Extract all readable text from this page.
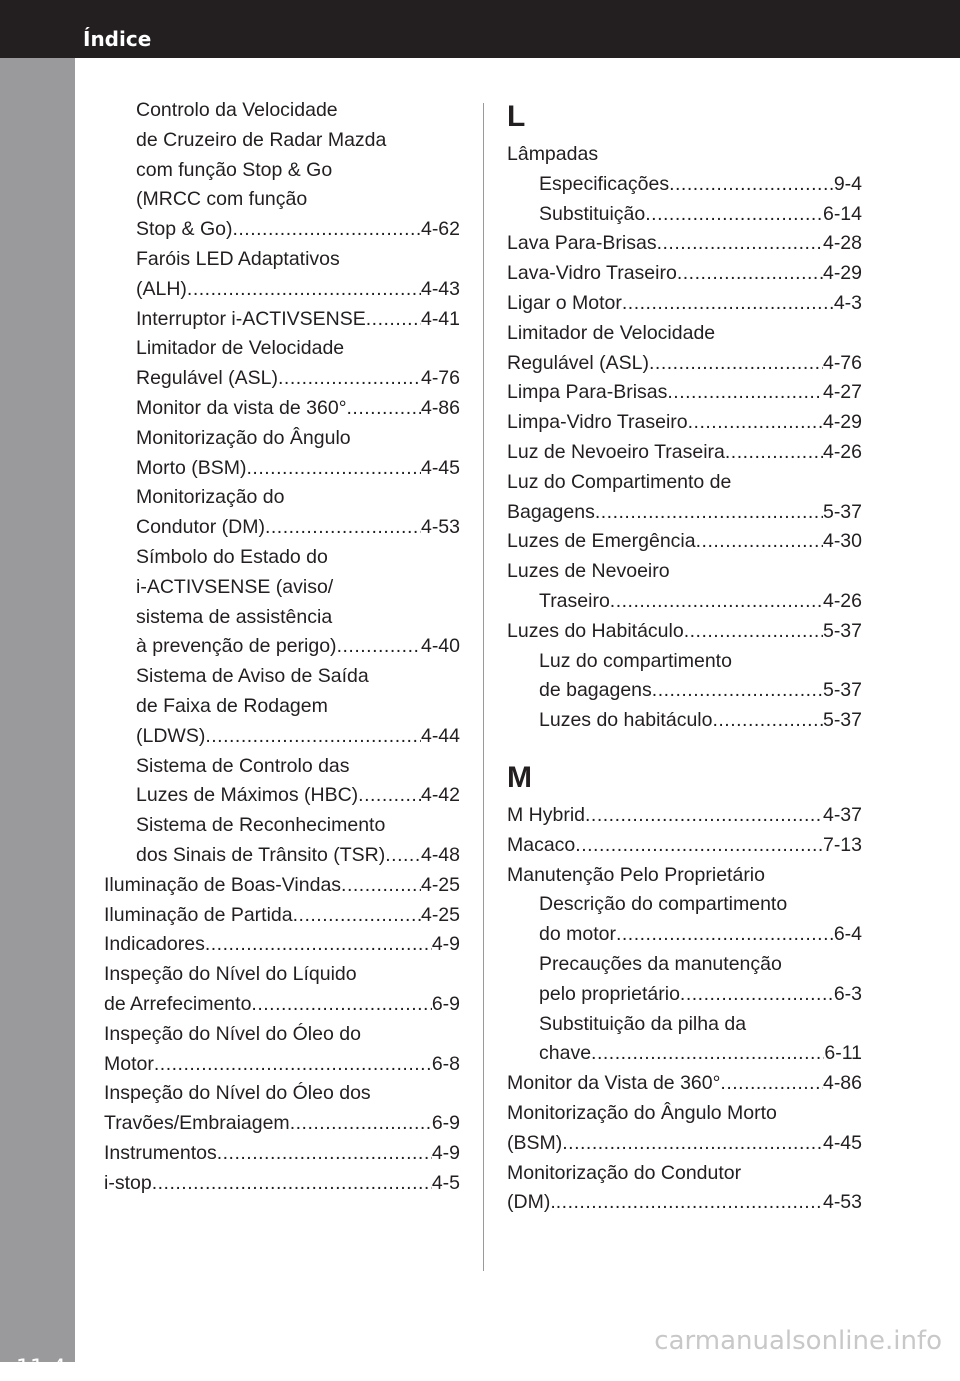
Índice
11-4
Controlo da Velocidade
de Cruzeiro de Radar Mazda
com função Stop & Go
(MRCC com função
Stop & Go) .....	4-62
Faróis LED Adaptativos
(ALH) .....	4-43
Interruptor i-ACTIVSENSE .....	4-41
Limitador de Velocidade
Regulável (ASL) .....	4-76
Monitor da vista de 360° .....	4-86
Monitorização do Ângulo
Morto (BSM) .....	4-45
Monitorização do
Condutor (DM) .....	4-53
Símbolo do Estado do
i-ACTIVSENSE (aviso/
sistema de assistência
à prevenção de perigo) .....	4-40
Sistema de Aviso de Saída
de Faixa de Rodagem
(LDWS) .....	4-44
Sistema de Controlo das
Luzes de Máximos (HBC) .....	4-42
Sistema de Reconhecimento
dos Sinais de Trânsito (TSR) ..... 4-48
Iluminação de Boas-Vindas .....	4-25
Iluminação de Partida .....	4-25
Indicadores .....	4-9
Inspeção do Nível do Líquido
de Arrefecimento .....	6-9
Inspeção do Nível do Óleo do
Motor .....	6-8
Inspeção do Nível do Óleo dos
Travões/Embraiagem .....	6-9
Instrumentos .....	4-9
i-stop .....	4-5
L
Lâmpadas
Especificações .....	9-4
Substituição .....	6-14
Lava Para-Brisas .....	4-28
Lava-Vidro Traseiro .....	4-29
Ligar o Motor .....	4-3
Limitador de Velocidade
Regulável (ASL) .....	4-76
Limpa Para-Brisas .....	4-27
Limpa-Vidro Traseiro .....	4-29
Luz de Nevoeiro Traseira .....	4-26
Luz do Compartimento de
Bagagens .....	5-37
Luzes de Emergência .....	4-30
Luzes de Nevoeiro
Traseiro .....	4-26
Luzes do Habitáculo .....	5-37
Luz do compartimento
de bagagens .....	5-37
Luzes do habitáculo .....	5-37
M
M Hybrid .....	4-37
Macaco .....	7-13
Manutenção Pelo Proprietário
Descrição do compartimento
do motor .....	6-4
Precauções da manutenção
pelo proprietário .....	6-3
Substituição da pilha da
chave .....	6-11
Monitor da Vista de 360° .....	4-86
Monitorização do Ângulo Morto
(BSM) .....	4-45
Monitorização do Condutor
(DM). .....	4-53
carmanualsonline.info
